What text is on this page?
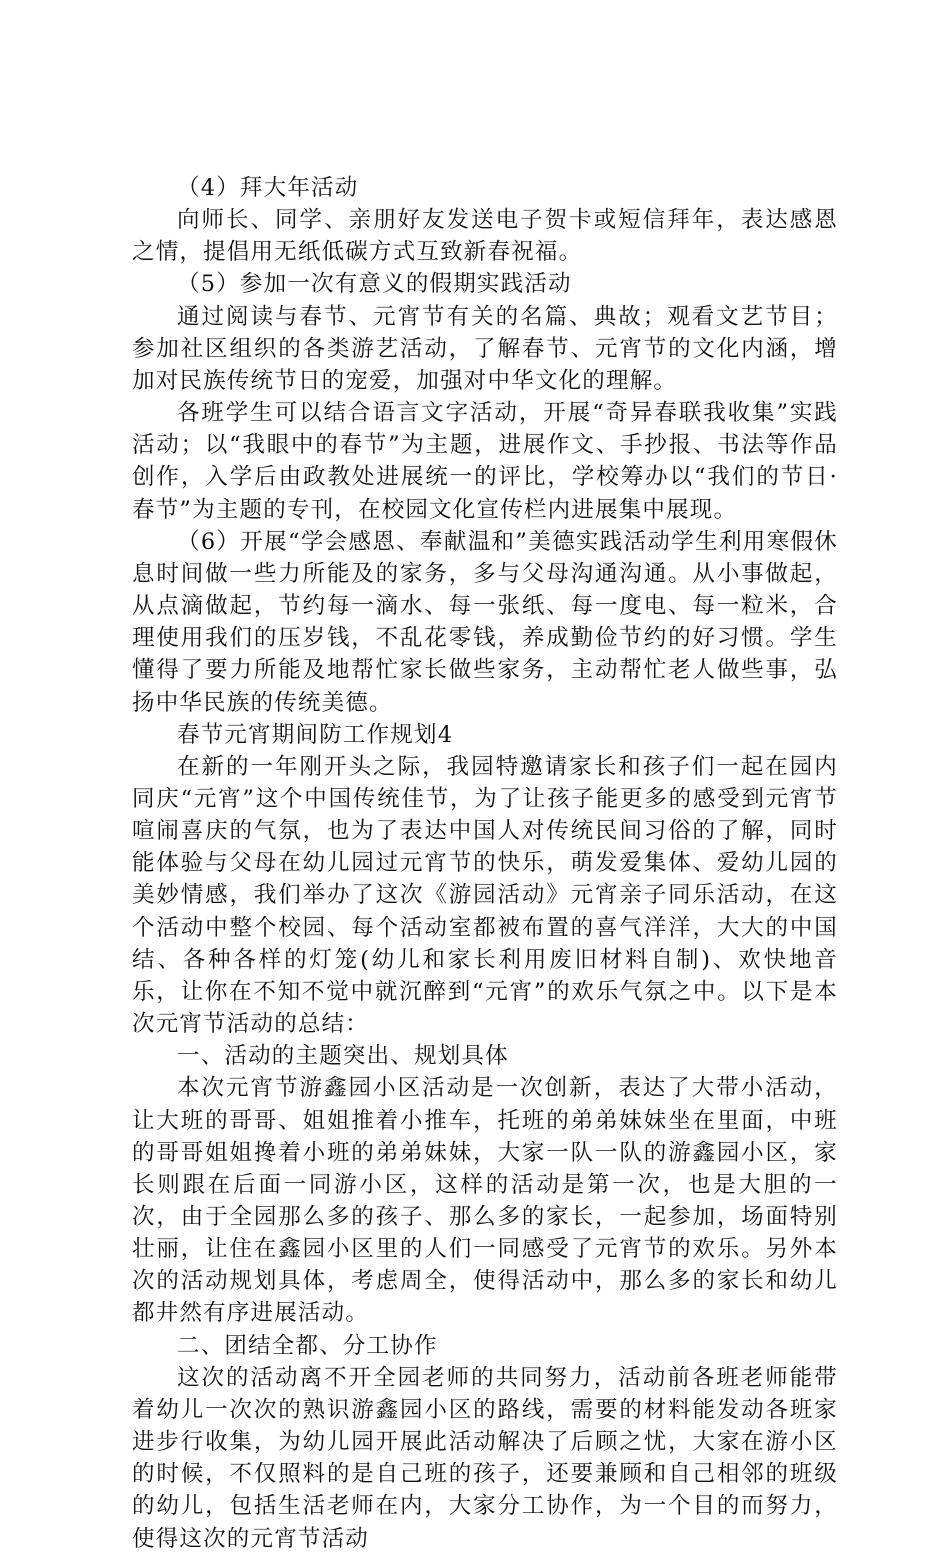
（4）拜大年活动

向师长、同学、亲朋好友发送电子贺卡或短信拜年，表达感恩之情，提倡用无纸低碳方式互致新春祝福。

（5）参加一次有意义的假期实践活动

通过阅读与春节、元宵节有关的名篇、典故；观看文艺节目；参加社区组织的各类游艺活动，了解春节、元宵节的文化内涵，增加对民族传统节日的宠爱，加强对中华文化的理解。

各班学生可以结合语言文字活动，开展“奇异春联我收集”实践活动；以“我眼中的春节”为主题，进展作文、手抄报、书法等作品创作，入学后由政教处进展统一的评比，学校筹办以“我们的节日·春节”为主题的专刊，在校园文化宣传栏内进展集中展现。

（6）开展“学会感恩、奉献温和”美德实践活动学生利用寒假休息时间做一些力所能及的家务，多与父母沟通沟通。从小事做起，从点滴做起，节约每一滴水、每一张纸、每一度电、每一粒米，合理使用我们的压岁钱，不乱花零钱，养成勤俭节约的好习惯。学生懂得了要力所能及地帮忙家长做些家务，主动帮忙老人做些事，弘扬中华民族的传统美德。

春节元宵期间防工作规划4

在新的一年刚开头之际，我园特邀请家长和孩子们一起在园内同庆“元宵”这个中国传统佳节，为了让孩子能更多的感受到元宵节喧闹喜庆的气氛，也为了表达中国人对传统民间习俗的了解，同时能体验与父母在幼儿园过元宵节的快乐，萌发爱集体、爱幼儿园的美妙情感，我们举办了这次《游园活动》元宵亲子同乐活动，在这个活动中整个校园、每个活动室都被布置的喜气洋洋，大大的中国结、各种各样的灯笼(幼儿和家长利用废旧材料自制)、欢快地音乐，让你在不知不觉中就沉醉到“元宵”的欢乐气氛之中。以下是本次元宵节活动的总结：

一、活动的主题突出、规划具体

本次元宵节游鑫园小区活动是一次创新，表达了大带小活动，让大班的哥哥、姐姐推着小推车，托班的弟弟妹妹坐在里面，中班的哥哥姐姐搀着小班的弟弟妹妹，大家一队一队的游鑫园小区，家长则跟在后面一同游小区，这样的活动是第一次，也是大胆的一次，由于全园那么多的孩子、那么多的家长，一起参加，场面特别壮丽，让住在鑫园小区里的人们一同感受了元宵节的欢乐。另外本次的活动规划具体，考虑周全，使得活动中，那么多的家长和幼儿都井然有序进展活动。

二、团结全都、分工协作

这次的活动离不开全园老师的共同努力，活动前各班老师能带着幼儿一次次的熟识游鑫园小区的路线，需要的材料能发动各班家进步行收集，为幼儿园开展此活动解决了后顾之忧，大家在游小区的时候，不仅照料的是自己班的孩子，还要兼顾和自己相邻的班级的幼儿，包括生活老师在内，大家分工协作，为一个目的而努力，使得这次的元宵节活动
